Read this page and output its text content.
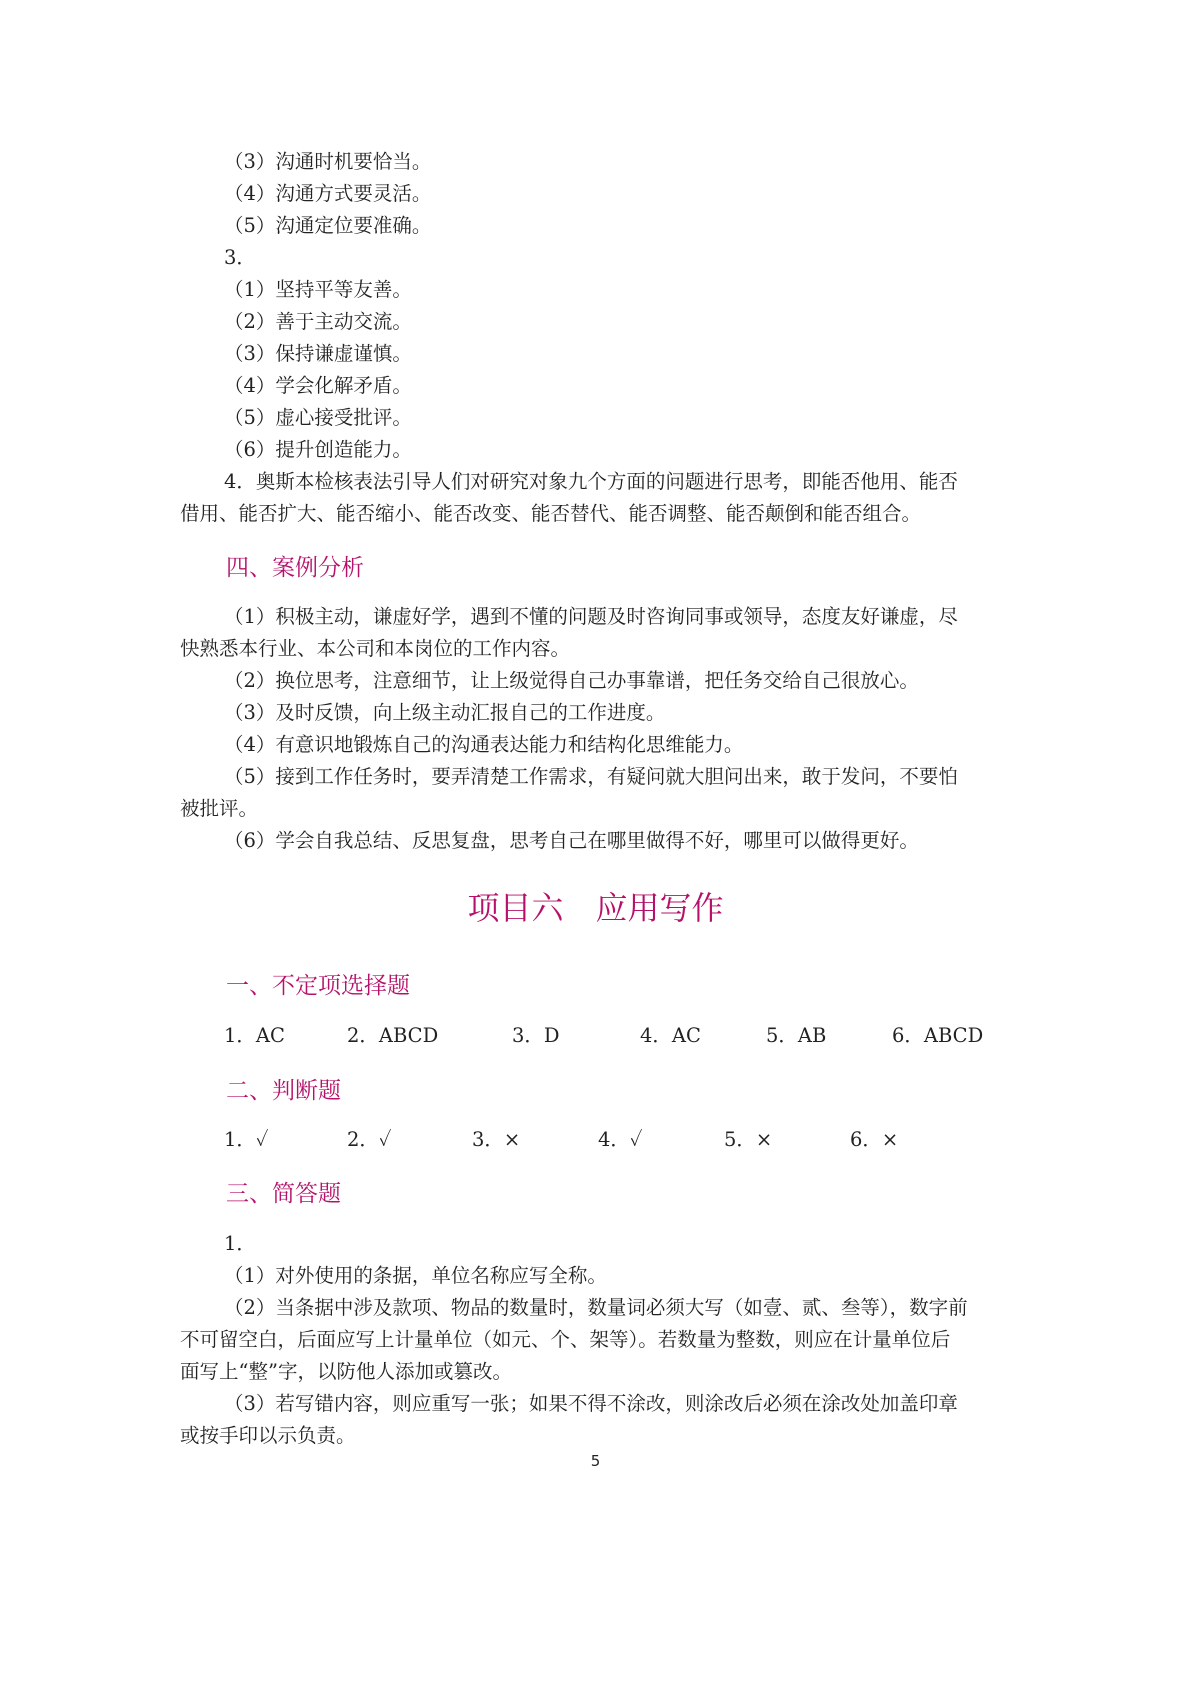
（3）沟通时机要恰当。
（4）沟通方式要灵活。
（5）沟通定位要准确。
3．
（1）坚持平等友善。
（2）善于主动交流。
（3）保持谦虚谨慎。
（4）学会化解矛盾。
（5）虚心接受批评。
（6）提升创造能力。
4．奥斯本检核表法引导人们对研究对象九个方面的问题进行思考，即能否他用、能否
借用、能否扩大、能否缩小、能否改变、能否替代、能否调整、能否颠倒和能否组合。
四、案例分析
（1）积极主动，谦虚好学，遇到不懂的问题及时咨询同事或领导，态度友好谦虚，尽
快熟悉本行业、本公司和本岗位的工作内容。
（2）换位思考，注意细节，让上级觉得自己办事靠谱，把任务交给自己很放心。
（3）及时反馈，向上级主动汇报自己的工作进度。
（4）有意识地锻炼自己的沟通表达能力和结构化思维能力。
（5）接到工作任务时，要弄清楚工作需求，有疑问就大胆问出来，敢于发问，不要怕
被批评。
（6）学会自我总结、反思复盘，思考自己在哪里做得不好，哪里可以做得更好。
项目六　应用写作
一、不定项选择题
1．AC	2．ABCD	3．D	4．AC	5．AB	6．ABCD
二、判断题
1．✓	2．✓	3．×	4．✓	5．×	6．×
三、简答题
1．
（1）对外使用的条据，单位名称应写全称。
（2）当条据中涉及款项、物品的数量时，数量词必须大写（如壹、贰、叁等），数字前
不可留空白，后面应写上计量单位（如元、个、架等）。若数量为整数，则应在计量单位后
面写上“整”字，以防他人添加或篡改。
（3）若写错内容，则应重写一张；如果不得不涂改，则涂改后必须在涂改处加盖印章
或按手印以示负责。
5
